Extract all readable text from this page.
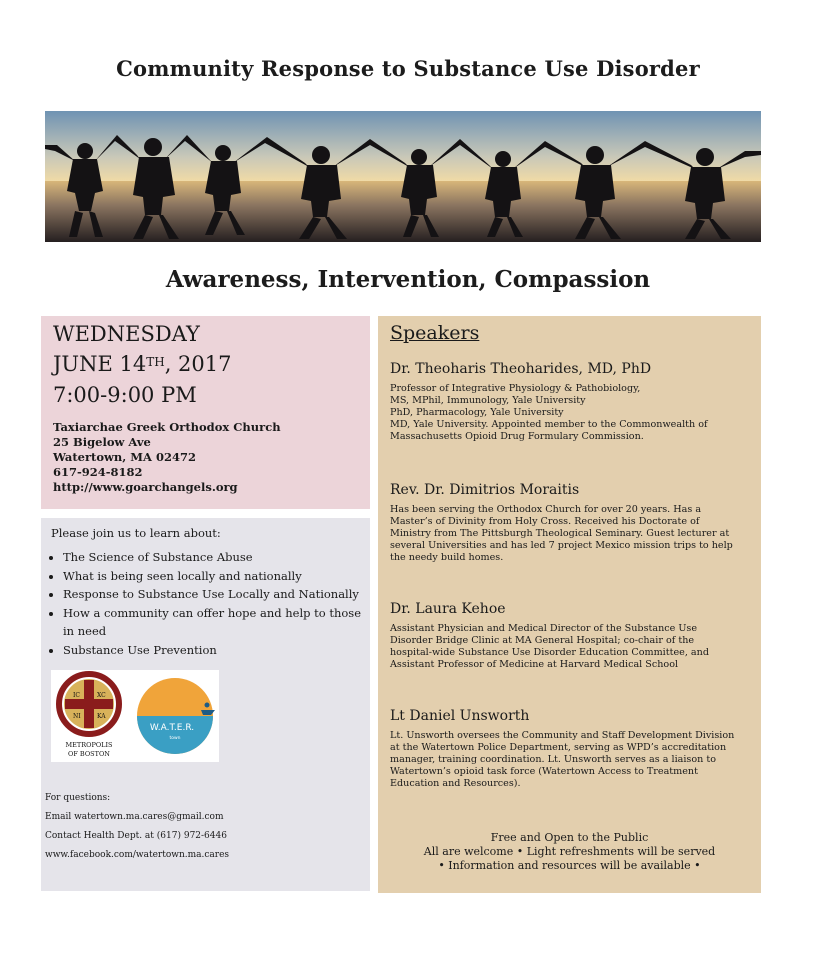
Community Response to Substance Use Disorder
Awareness, Intervention, Compassion
WEDNESDAY
JUNE 14TH, 2017
7:00-9:00 PM
Taxiarchae Greek Orthodox Church
25 Bigelow Ave
Watertown, MA 02472
617-924-8182
http://www.goarchangels.org
Please join us to learn about:
• The Science of Substance Abuse
• What is being seen locally and nationally
• Response to Substance Use Locally and Nationally
• How a community can offer hope and help to those in need
• Substance Use Prevention
IC	XC
NI	KA
METROPOLIS
OF BOSTON
W.A.T.E.R.
town
For questions:
Email watertown.ma.cares@gmail.com
Contact Health Dept. at (617) 972-6446
www.facebook.com/watertown.ma.cares
Speakers
Dr. Theoharis Theoharides, MD, PhD
Professor of Integrative Physiology & Pathobiology,
MS, MPhil, Immunology, Yale University
PhD, Pharmacology, Yale University
MD, Yale University. Appointed member to the Commonwealth of
Massachusetts Opioid Drug Formulary Commission.
Rev. Dr. Dimitrios Moraitis
Has been serving the Orthodox Church for over 20 years. Has a
Master’s of Divinity from Holy Cross. Received his Doctorate of
Ministry from The Pittsburgh Theological Seminary. Guest lecturer at
several Universities and has led 7 project Mexico mission trips to help
the needy build homes.
Dr. Laura Kehoe
Assistant Physician and Medical Director of the Substance Use
Disorder Bridge Clinic at MA General Hospital; co-chair of the
hospital-wide Substance Use Disorder Education Committee, and
Assistant Professor of Medicine at Harvard Medical School
Lt Daniel Unsworth
Lt. Unsworth oversees the Community and Staff Development Division
at the Watertown Police Department, serving as WPD’s accreditation
manager, training coordination. Lt. Unsworth serves as a liaison to
Watertown’s opioid task force (Watertown Access to Treatment
Education and Resources).
Free and Open to the Public
All are welcome • Light refreshments will be served
• Information and resources will be available •
